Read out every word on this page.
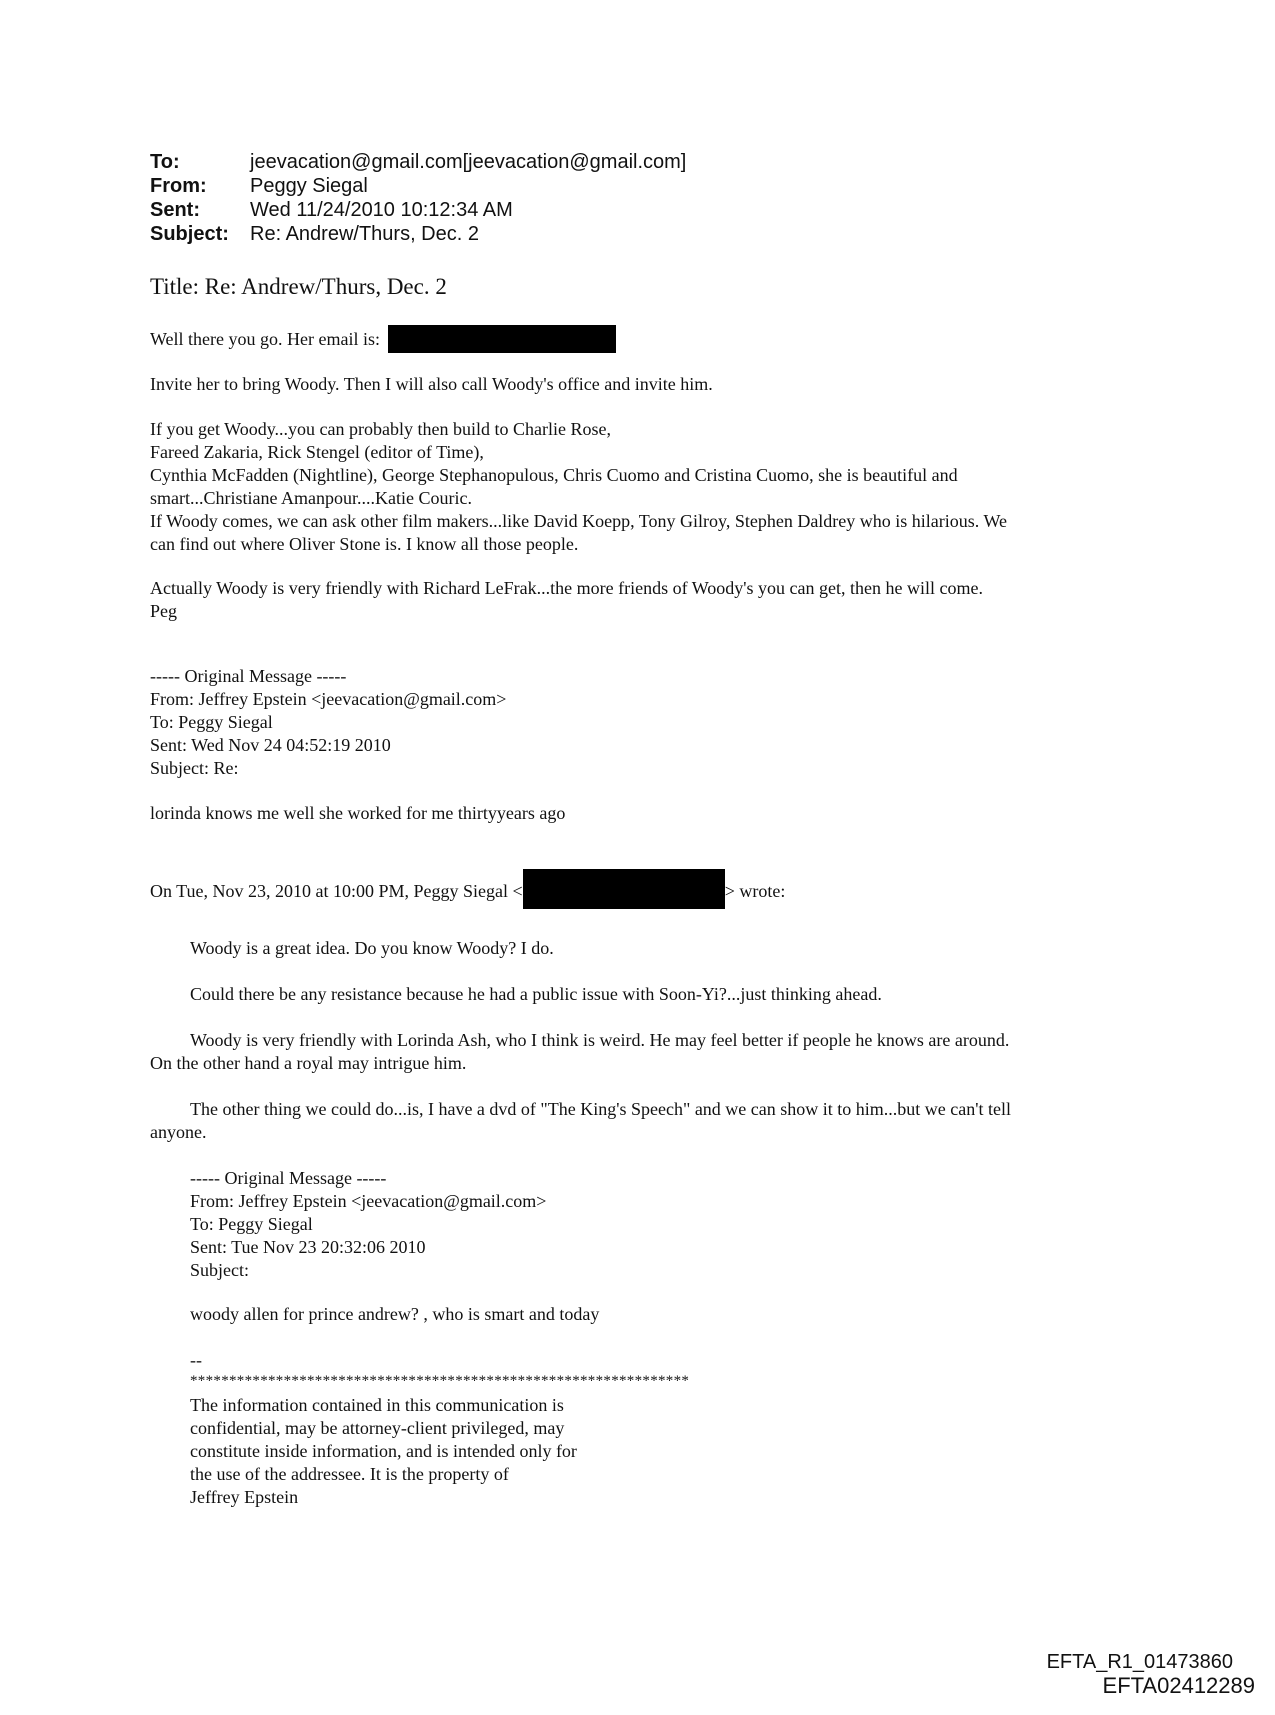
To:	jeevacation@gmail.com[jeevacation@gmail.com]
From:	Peggy Siegal
Sent:	Wed 11/24/2010 10:12:34 AM
Subject:	Re: Andrew/Thurs, Dec. 2
Title: Re: Andrew/Thurs, Dec. 2
Well there you go. Her email is:
Invite her to bring Woody. Then I will also call Woody's office and invite him.
If you get Woody...you can probably then build to Charlie Rose,
Fareed Zakaria, Rick Stengel (editor of Time),
Cynthia McFadden (Nightline), George Stephanopulous, Chris Cuomo and Cristina Cuomo, she is beautiful and
smart...Christiane Amanpour....Katie Couric.
If Woody comes, we can ask other film makers...like David Koepp, Tony Gilroy, Stephen Daldrey who is hilarious. We
can find out where Oliver Stone is. I know all those people.
Actually Woody is very friendly with Richard LeFrak...the more friends of Woody's you can get, then he will come.
Peg
----- Original Message -----
From: Jeffrey Epstein <jeevacation@gmail.com>
To: Peggy Siegal
Sent: Wed Nov 24 04:52:19 2010
Subject: Re:
lorinda knows me well she worked for me thirtyyears ago
On Tue, Nov 23, 2010 at 10:00 PM, Peggy Siegal <	> wrote:
Woody is a great idea. Do you know Woody? I do.
Could there be any resistance because he had a public issue with Soon-Yi?...just thinking ahead.
Woody is very friendly with Lorinda Ash, who I think is weird. He may feel better if people he knows are around.
On the other hand a royal may intrigue him.
The other thing we could do...is, I have a dvd of "The King's Speech" and we can show it to him...but we can't tell
anyone.
----- Original Message -----
From: Jeffrey Epstein <jeevacation@gmail.com>
To: Peggy Siegal
Sent: Tue Nov 23 20:32:06 2010
Subject:
woody allen for prince andrew? , who is smart and today
--
****************************************************************
The information contained in this communication is
confidential, may be attorney-client privileged, may
constitute inside information, and is intended only for
the use of the addressee. It is the property of
Jeffrey Epstein
EFTA_R1_01473860
EFTA02412289
